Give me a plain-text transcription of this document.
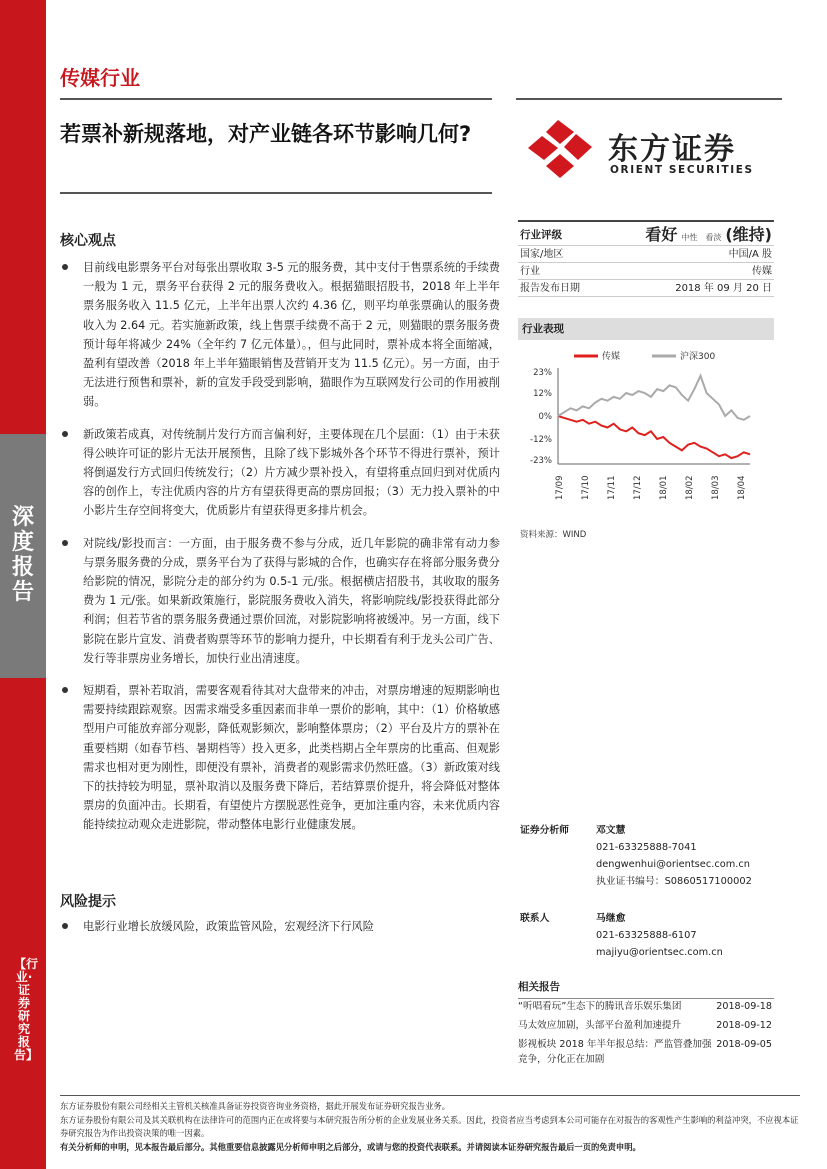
深度报告
【行业·证券研究报告】
传媒行业
若票补新规落地，对产业链各环节影响几何?	东方证券
ORIENT SECURITIES
核心观点
目前线电影票务平台对每张出票收取 3-5 元的服务费，其中支付于售票系统的手续费一般为 1 元，票务平台获得 2 元的服务费收入。根据猫眼招股书，2018 年上半年票务服务收入 11.5 亿元，上半年出票人次约 4.36 亿，则平均单张票确认的服务费收入为 2.64 元。若实施新政策，线上售票手续费不高于 2 元，则猫眼的票务服务费预计每年将减少 24%（全年约 7 亿元体量）。，但与此同时，票补成本将全面缩减，盈利有望改善（2018 年上半年猫眼销售及营销开支为 11.5 亿元）。另一方面，由于无法进行预售和票补，新的宣发手段受到影响，猫眼作为互联网发行公司的作用被削弱。
新政策若成真，对传统制片发行方而言偏利好，主要体现在几个层面：（1）由于未获得公映许可证的影片无法开展预售，且除了线下影城外各个环节不得进行票补，预计将倒逼发行方式回归传统发行；（2）片方减少票补投入，有望将重点回归到对优质内容的创作上，专注优质内容的片方有望获得更高的票房回报；（3）无力投入票补的中小影片生存空间将变大，优质影片有望获得更多排片机会。
对院线/影投而言：一方面，由于服务费不参与分成，近几年影院的确非常有动力参与票务服务费的分成，票务平台为了获得与影城的合作，也确实存在将部分服务费分给影院的情况，影院分走的部分约为 0.5-1 元/张。根据横店招股书，其收取的服务费为 1 元/张。如果新政策施行，影院服务费收入消失，将影响院线/影投获得此部分利润；但若节省的票务服务费通过票价回流，对影院影响将被缓冲。另一方面，线下影院在影片宣发、消费者购票等环节的影响力提升，中长期看有利于龙头公司广告、发行等非票房业务增长，加快行业出清速度。
短期看，票补若取消，需要客观看待其对大盘带来的冲击，对票房增速的短期影响也需要持续跟踪观察。因需求端受多重因素而非单一票价的影响，其中：（1）价格敏感型用户可能放弃部分观影，降低观影频次，影响整体票房；（2）平台及片方的票补在重要档期（如春节档、暑期档等）投入更多，此类档期占全年票房的比重高、但观影需求也相对更为刚性，即便没有票补，消费者的观影需求仍然旺盛。（3）新政策对线下的扶持较为明显，票补取消以及服务费下降后，若结算票价提升，将会降低对整体票房的负面冲击。长期看，有望使片方摆脱恶性竞争，更加注重内容，未来优质内容能持续拉动观众走进影院，带动整体电影行业健康发展。
风险提示
电影行业增长放缓风险，政策监管风险，宏观经济下行风险
行业评级	看好 中性 看淡 (维持)
国家/地区	中国/A 股
行业	传媒
报告发布日期	2018 年 09 月 20 日
行业表现
传媒	沪深300
23%
12%
0%
-12%
-23%
17/09 17/10 17/11 17/12 18/01 18/02 18/03 18/04
资料来源：WIND
证券分析师	邓文慧
021-63325888-7041
dengwenhui@orientsec.com.cn
执业证书编号：S0860517100002
联系人	马继愈
021-63325888-6107
majiyu@orientsec.com.cn
相关报告
“听唱看玩”生态下的腾讯音乐娱乐集团	2018-09-18
马太效应加剧，头部平台盈利加速提升	2018-09-12
影视板块 2018 年半年报总结：严监管叠加强竞争，分化正在加剧
2018-09-05
东方证券股份有限公司经相关主管机关核准具备证券投资咨询业务资格，据此开展发布证券研究报告业务。
东方证券股份有限公司及其关联机构在法律许可的范围内正在或将要与本研究报告所分析的企业发展业务关系。因此，投资者应当考虑到本公司可能存在对报告的客观性产生影响的利益冲突，不应视本证券研究报告为作出投资决策的唯一因素。
有关分析师的申明，见本报告最后部分。其他重要信息披露见分析师申明之后部分，或请与您的投资代表联系。并请阅读本证券研究报告最后一页的免责申明。
